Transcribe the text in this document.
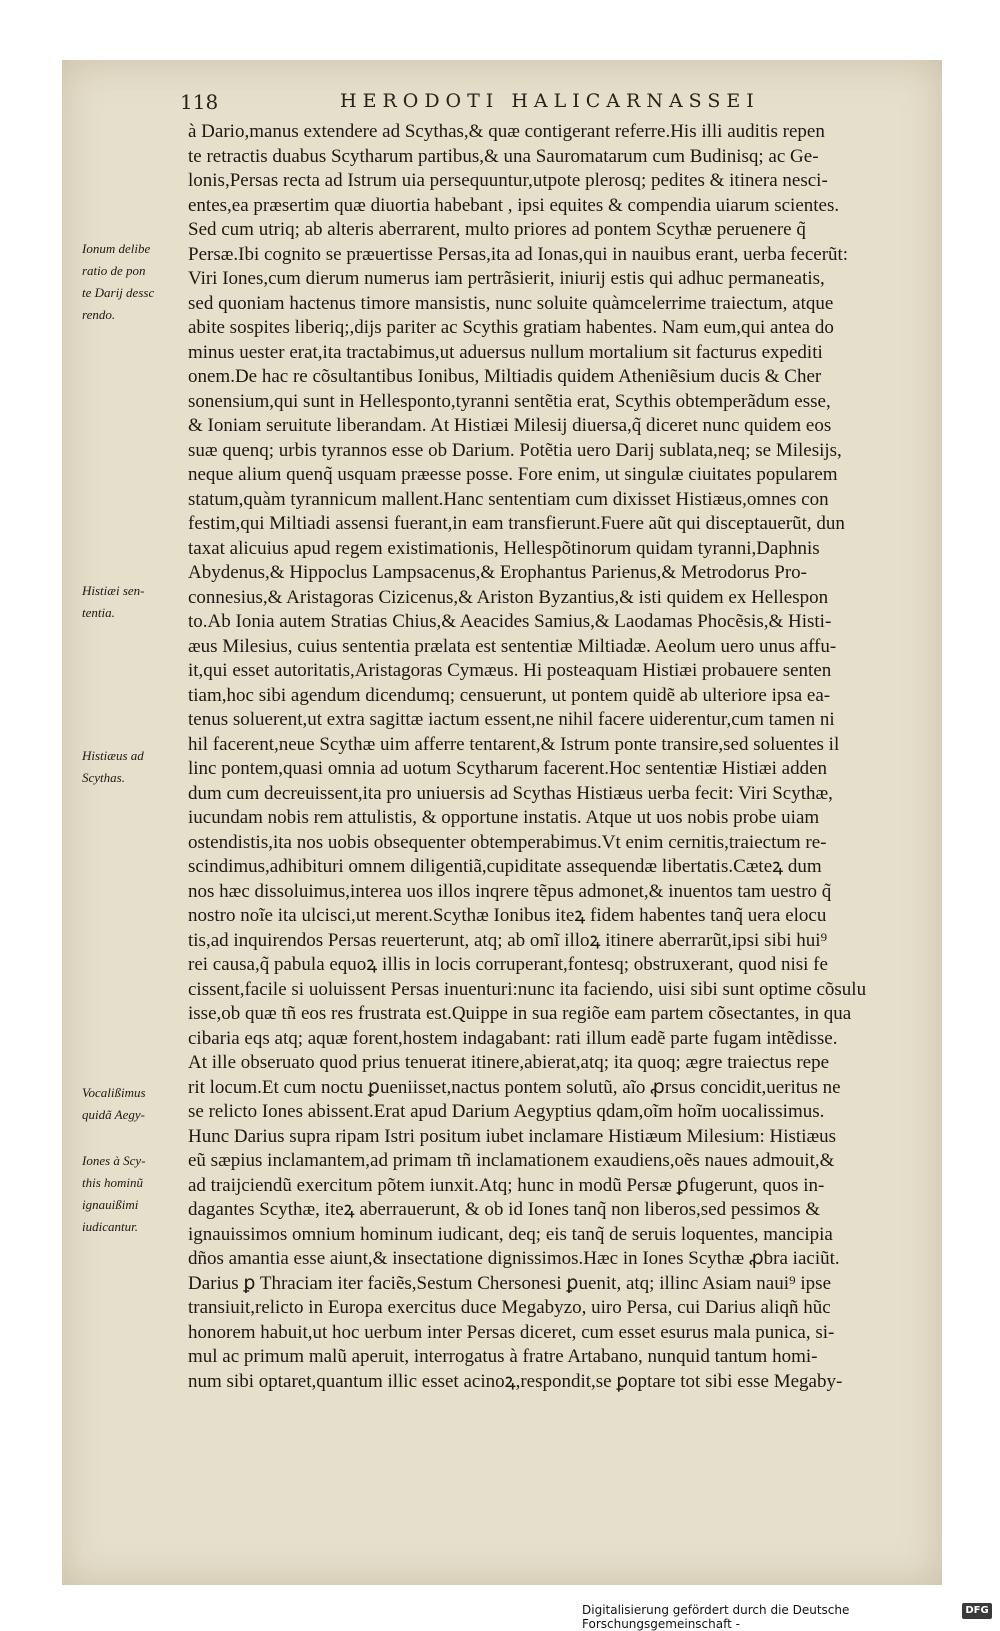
118	HERODOTI HALICARNASSEI
à Dario,manus extendere ad Scythas,& quæ contigerant referre.His illi auditis repen
te retractis duabus Scytharum partibus,& una Sauromatarum cum Budinisq; ac Ge-
lonis,Persas recta ad Istrum uia persequuntur,utpote plerosq; pedites & itinera nesci-
entes,ea præsertim quæ diuortia habebant , ipsi equites & compendia uiarum scientes.
Sed cum utriq; ab alteris aberrarent, multo priores ad pontem Scythæ peruenere q̃
Persæ.Ibi cognito se præuertisse Persas,ita ad Ionas,qui in nauibus erant, uerba fecerũt:
Viri Iones,cum dierum numerus iam pertrãsierit, iniurij estis qui adhuc permaneatis,
sed quoniam hactenus timore mansistis, nunc soluite quàmcelerrime traiectum, atque
abite sospites liberiq;,dijs pariter ac Scythis gratiam habentes. Nam eum,qui antea do
minus uester erat,ita tractabimus,ut aduersus nullum mortalium sit facturus expediti
onem.De hac re cõsultantibus Ionibus, Miltiadis quidem Atheniẽsium ducis & Cher
sonensium,qui sunt in Hellesponto,tyranni sentẽtia erat, Scythis obtemperãdum esse,
& Ioniam seruitute liberandam. At Histiæi Milesij diuersa,q̃ diceret nunc quidem eos
suæ quenq; urbis tyrannos esse ob Darium. Potẽtia uero Darij sublata,neq; se Milesijs,
neque alium quenq̃ usquam præesse posse. Fore enim, ut singulæ ciuitates popularem
statum,quàm tyrannicum mallent.Hanc sententiam cum dixisset Histiæus,omnes con
festim,qui Miltiadi assensi fuerant,in eam transfierunt.Fuere aũt qui disceptauerũt, dun
taxat alicuius apud regem existimationis, Hellespõtinorum quidam tyranni,Daphnis
Abydenus,& Hippoclus Lampsacenus,& Erophantus Parienus,& Metrodorus Pro-
connesius,& Aristagoras Cizicenus,& Ariston Byzantius,& isti quidem ex Hellespon
to.Ab Ionia autem Stratias Chius,& Aeacides Samius,& Laodamas Phocẽsis,& Histi-
æus Milesius, cuius sententia prælata est sententiæ Miltiadæ. Aeolum uero unus affu-
it,qui esset autoritatis,Aristagoras Cymæus. Hi posteaquam Histiæi probauere senten
tiam,hoc sibi agendum dicendumq; censuerunt, ut pontem quidẽ ab ulteriore ipsa ea-
tenus soluerent,ut extra sagittæ iactum essent,ne nihil facere uiderentur,cum tamen ni
hil facerent,neue Scythæ uim afferre tentarent,& Istrum ponte transire,sed soluentes il
linc pontem,quasi omnia ad uotum Scytharum facerent.Hoc sententiæ Histiæi adden
dum cum decreuissent,ita pro uniuersis ad Scythas Histiæus uerba fecit: Viri Scythæ,
iucundam nobis rem attulistis, & opportune instatis. Atque ut uos nobis probe uiam
ostendistis,ita nos uobis obsequenter obtemperabimus.Vt enim cernitis,traiectum re-
scindimus,adhibituri omnem diligentiã,cupiditate assequendæ libertatis.Cæteꝝ dum
nos hæc dissoluimus,interea uos illos inqrere tẽpus admonet,& inuentos tam uestro q̃
nostro noĩe ita ulcisci,ut merent.Scythæ Ionibus iteꝝ fidem habentes tanq̃ uera elocu
tis,ad inquirendos Persas reuerterunt, atq; ab omĩ illoꝝ itinere aberrarũt,ipsi sibi hui⁹
rei causa,q̃ pabula equoꝝ illis in locis corruperant,fontesq; obstruxerant, quod nisi fe
cissent,facile si uoluissent Persas inuenturi:nunc ita faciendo, uisi sibi sunt optime cõsulu
isse,ob quæ tñ eos res frustrata est.Quippe in sua regiõe eam partem cõsectantes, in qua
cibaria eqs atq; aquæ forent,hostem indagabant: rati illum eadẽ parte fugam intẽdisse.
At ille obseruato quod prius tenuerat itinere,abierat,atq; ita quoq; ægre traiectus repe
rit locum.Et cum noctu ꝑueniisset,nactus pontem solutũ, aĩo ꝓrsus concidit,ueritus ne
se relicto Iones abissent.Erat apud Darium Aegyptius qdam,oĩm hoĩm uocalissimus.
Hunc Darius supra ripam Istri positum iubet inclamare Histiæum Milesium: Histiæus
eũ sæpius inclamantem,ad primam tñ inclamationem exaudiens,oẽs naues admouit,&
ad traijciendũ exercitum põtem iunxit.Atq; hunc in modũ Persæ ꝑfugerunt, quos in-
dagantes Scythæ, iteꝝ aberrauerunt, & ob id Iones tanq̃ non liberos,sed pessimos &
ignauissimos omnium hominum iudicant, deq; eis tanq̃ de seruis loquentes, mancipia
dños amantia esse aiunt,& insectatione dignissimos.Hæc in Iones Scythæ ꝓbra iaciũt.
Darius ꝑ Thraciam iter faciẽs,Sestum Chersonesi ꝑuenit, atq; illinc Asiam naui⁹ ipse
transiuit,relicto in Europa exercitus duce Megabyzo, uiro Persa, cui Darius aliqñ hũc
honorem habuit,ut hoc uerbum inter Persas diceret, cum esset esurus mala punica, si-
mul ac primum malũ aperuit, interrogatus à fratre Artabano, nunquid tantum homi-
num sibi optaret,quantum illic esset acinoꝝ,respondit,se ꝑoptare tot sibi esse Megaby-
Ionum delibe
ratio de pon
te Darij dessc
rendo.
Histiæi sen-
tentia.
Histiæus ad
Scythas.
Vocalißimus
quidã Aegy-
Iones à Scy-
this hominũ
ignauißimi
iudicantur.
Digitalisierung gefördert durch die Deutsche Forschungsgemeinschaft -
DFG
